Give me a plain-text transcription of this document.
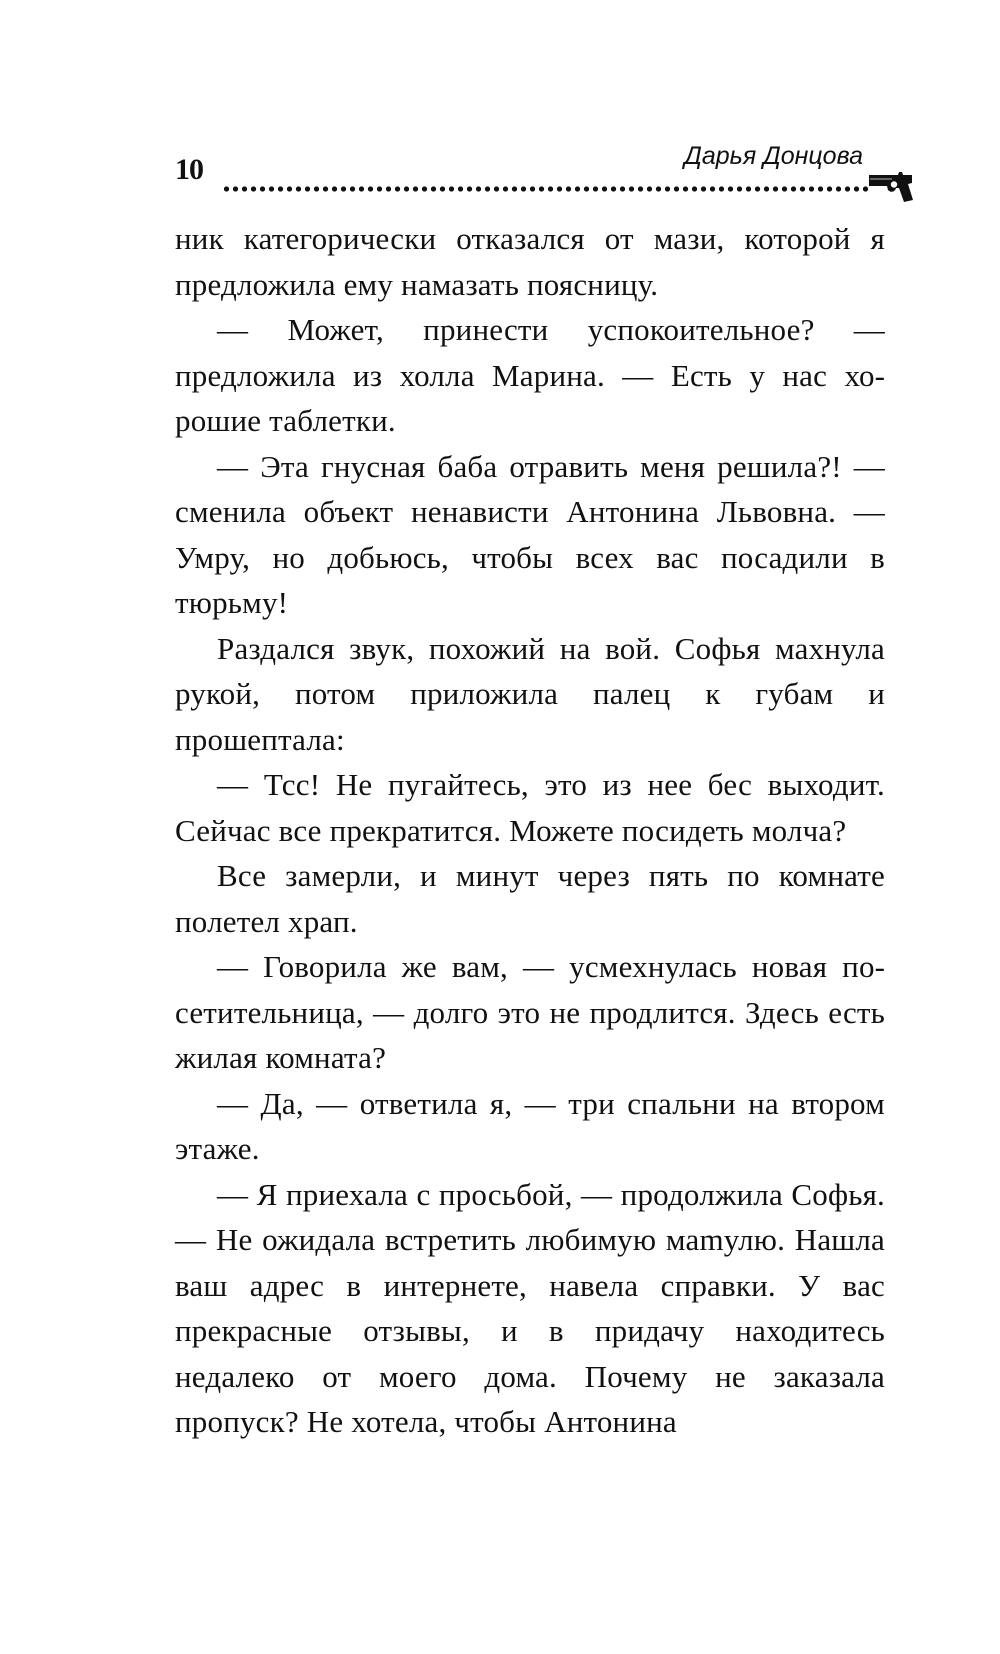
10	Дарья Донцова

ник категорически отказался от мази, которой я предложила ему намазать поясницу.

— Может, принести успокоительное? — предложила из холла Марина. — Есть у нас хорошие таблетки.

— Эта гнусная баба отравить меня решила?! — сменила объект ненависти Антонина Львовна. — Умру, но добьюсь, чтобы всех вас посадили в тюрьму!

Раздался звук, похожий на вой. Софья махнула рукой, потом приложила палец к губам и прошептала:

— Тсс! Не пугайтесь, это из нее бес выходит. Сейчас все прекратится. Можете посидеть молча?

Все замерли, и минут через пять по комнате полетел храп.

— Говорила же вам, — усмехнулась новая посетительница, — долго это не продлится. Здесь есть жилая комната?

— Да, — ответила я, — три спальни на втором этаже.

— Я приехала с просьбой, — продолжила Софья. — Не ожидала встретить любимую маmулю. Нашла ваш адрес в интернете, навела справки. У вас прекрасные отзывы, и в придачу находитесь недалеко от моего дома. Почему не заказала пропуск? Не хотела, чтобы Антонина
